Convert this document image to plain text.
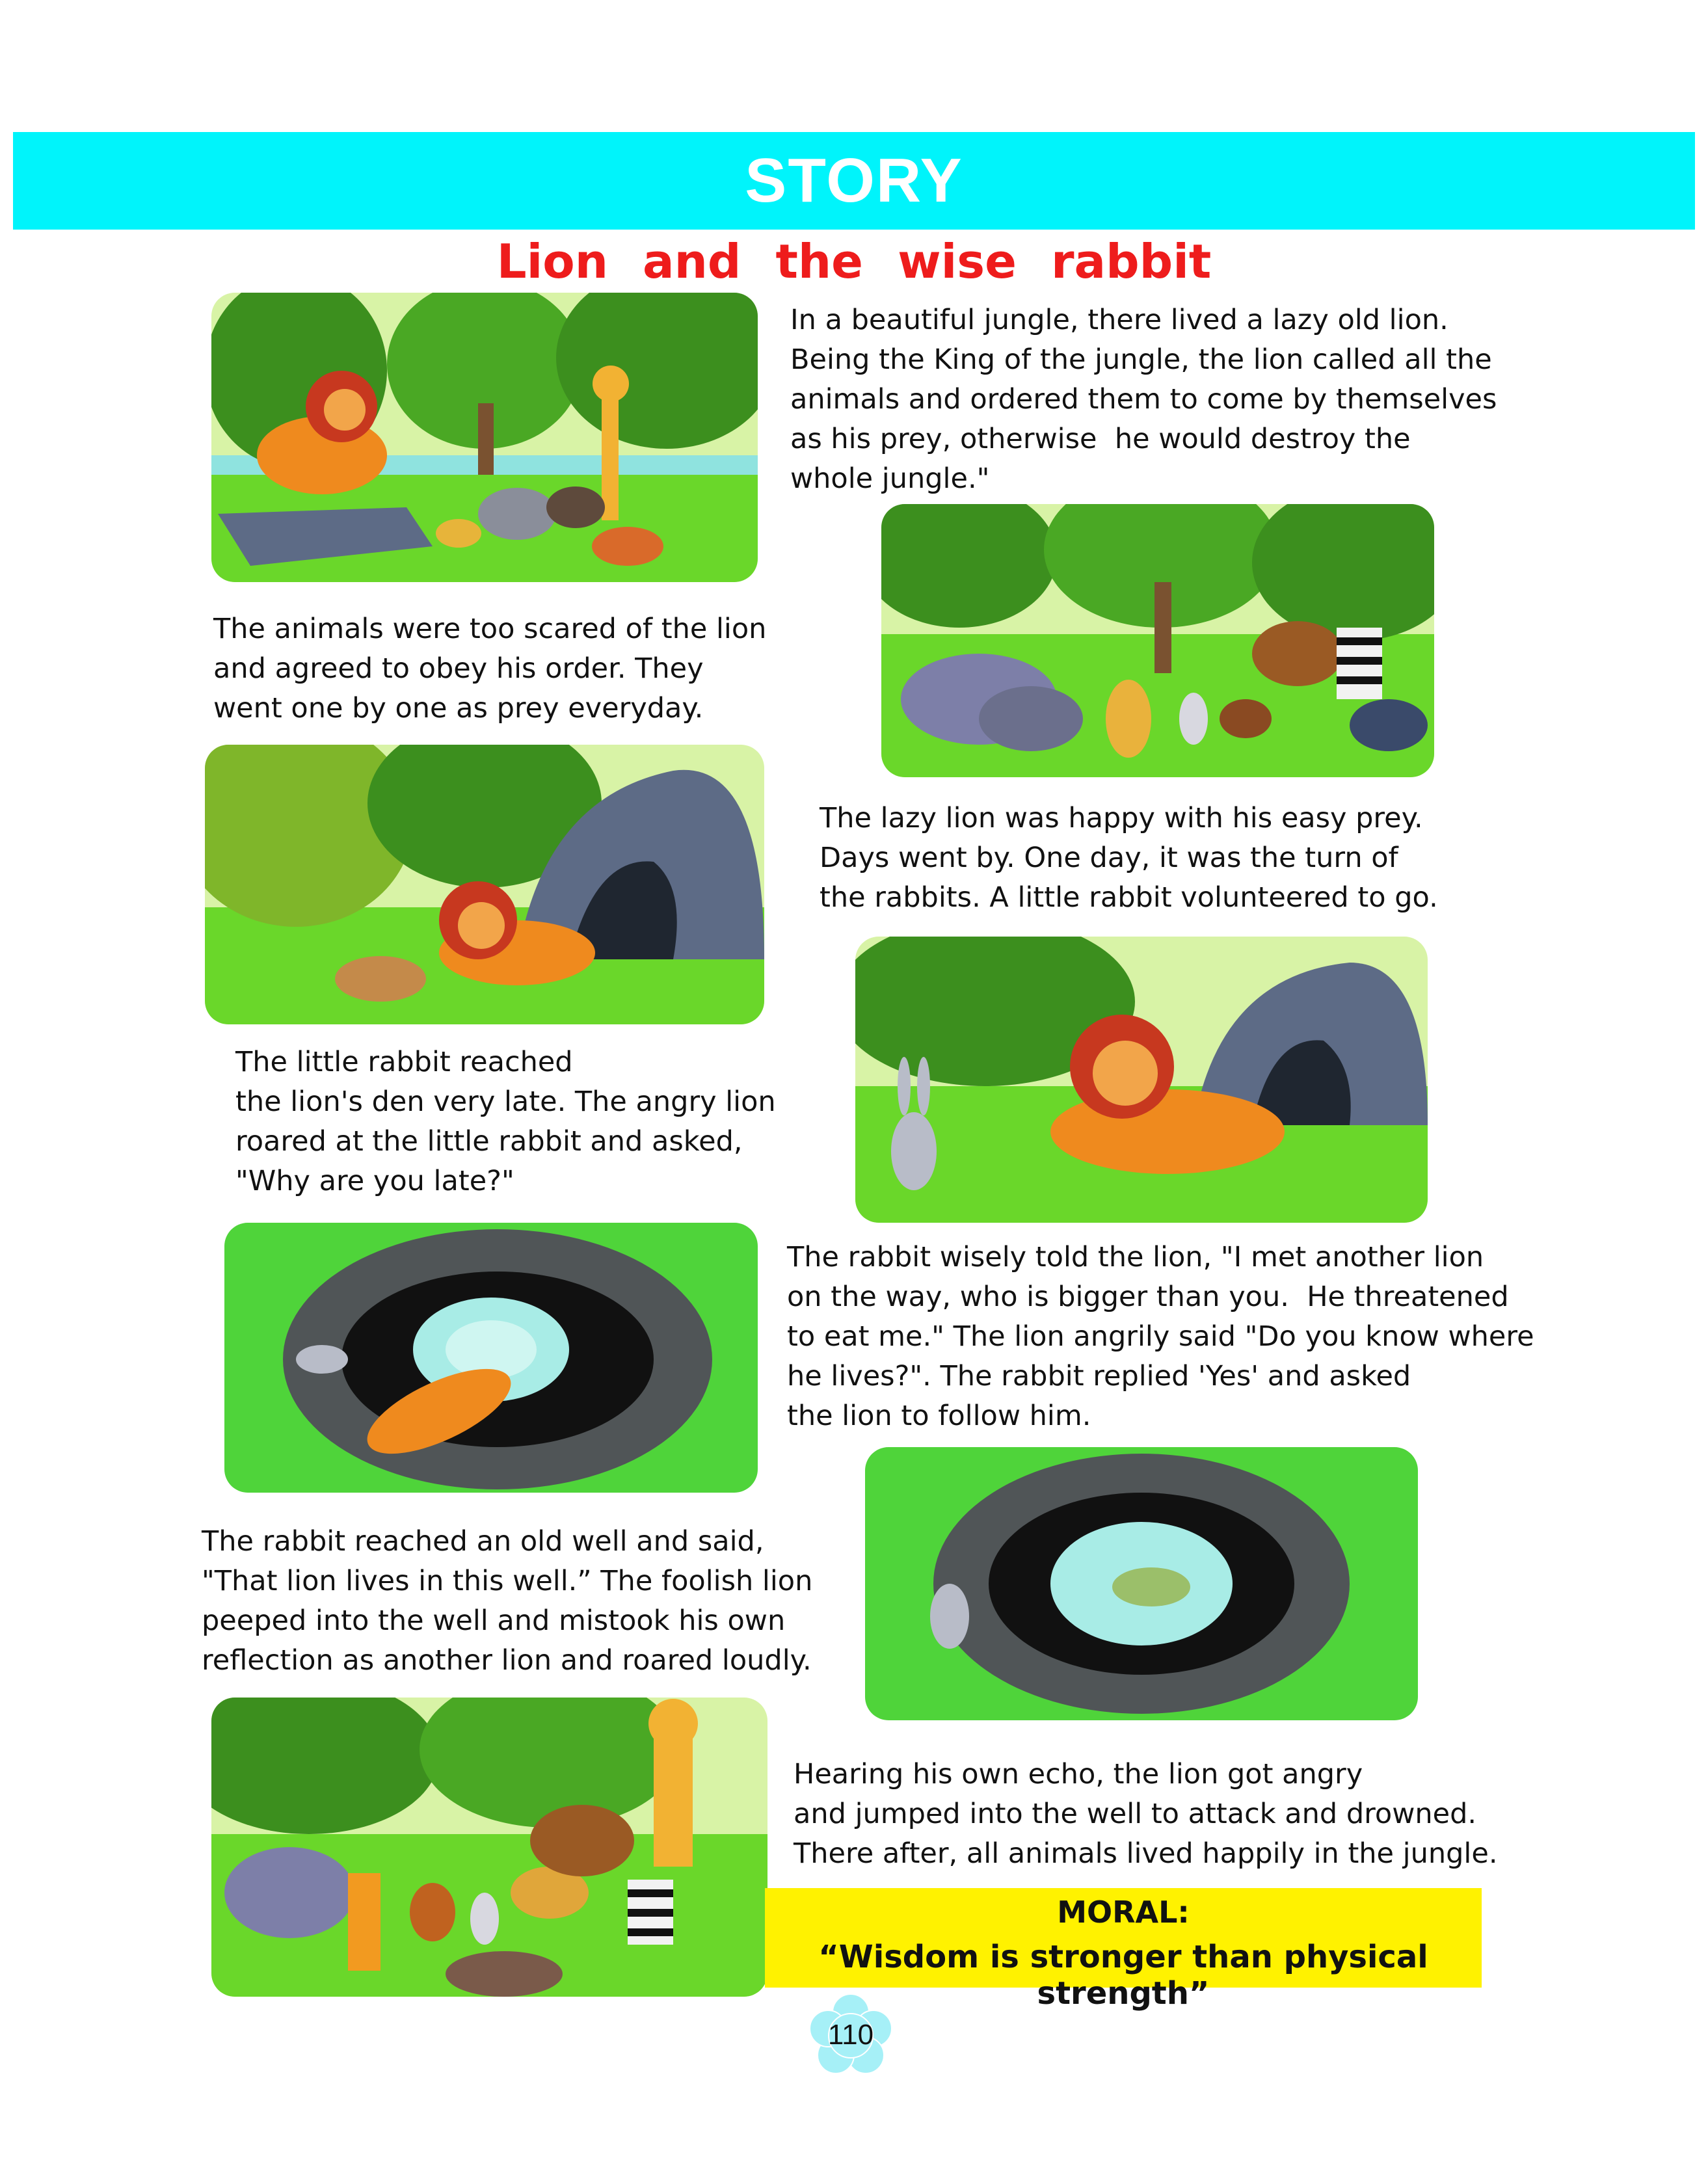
STORY
Lion and the wise rabbit
In a beautiful jungle, there lived a lazy old lion.
Being the King of the jungle, the lion called all the
animals and ordered them to come by themselves
as his prey, otherwise  he would destroy the
whole jungle."
The animals were too scared of the lion
and agreed to obey his order. They
went one by one as prey everyday.
The lazy lion was happy with his easy prey.
Days went by. One day, it was the turn of
the rabbits. A little rabbit volunteered to go.
The little rabbit reached
the lion's den very late. The angry lion
roared at the little rabbit and asked,
"Why are you late?"
The rabbit wisely told the lion, "I met another lion
on the way, who is bigger than you.  He threatened
to eat me." The lion angrily said "Do you know where
he lives?". The rabbit replied 'Yes' and asked
the lion to follow him.
The rabbit reached an old well and said,
"That lion lives in this well.” The foolish lion
peeped into the well and mistook his own
reflection as another lion and roared loudly.
Hearing his own echo, the lion got angry
and jumped into the well to attack and drowned.
There after, all animals lived happily in the jungle.
MORAL:
“Wisdom is stronger than physical strength”
110
